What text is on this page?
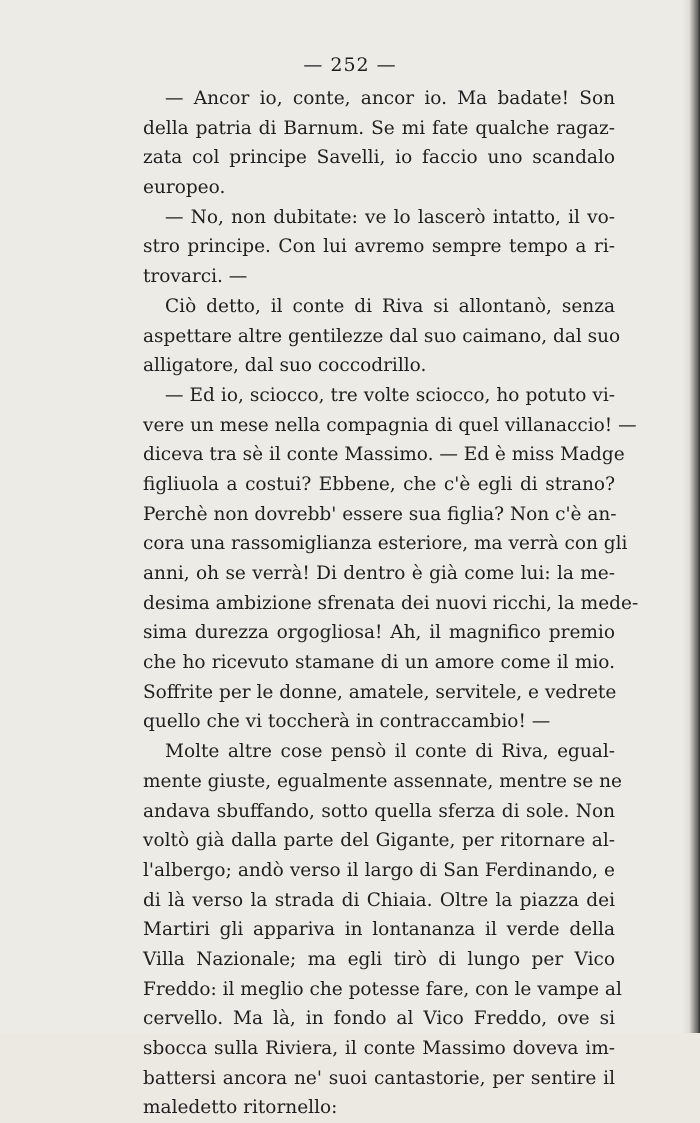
— 252 —
— Ancor io, conte, ancor io. Ma badate! Son
della patria di Barnum. Se mi fate qualche ragaz-
zata col principe Savelli, io faccio uno scandalo
europeo.
— No, non dubitate: ve lo lascerò intatto, il vo-
stro principe. Con lui avremo sempre tempo a ri-
trovarci. —
Ciò detto, il conte di Riva si allontanò, senza
aspettare altre gentilezze dal suo caimano, dal suo
alligatore, dal suo coccodrillo.
— Ed io, sciocco, tre volte sciocco, ho potuto vi-
vere un mese nella compagnia di quel villanaccio! —
diceva tra sè il conte Massimo. — Ed è miss Madge
figliuola a costui? Ebbene, che c'è egli di strano?
Perchè non dovrebb' essere sua figlia? Non c'è an-
cora una rassomiglianza esteriore, ma verrà con gli
anni, oh se verrà! Di dentro è già come lui: la me-
desima ambizione sfrenata dei nuovi ricchi, la mede-
sima durezza orgogliosa! Ah, il magnifico premio
che ho ricevuto stamane di un amore come il mio.
Soffrite per le donne, amatele, servitele, e vedrete
quello che vi toccherà in contraccambio! —
Molte altre cose pensò il conte di Riva, egual-
mente giuste, egualmente assennate, mentre se ne
andava sbuffando, sotto quella sferza di sole. Non
voltò già dalla parte del Gigante, per ritornare al-
l'albergo; andò verso il largo di San Ferdinando, e
di là verso la strada di Chiaia. Oltre la piazza dei
Martiri gli appariva in lontananza il verde della
Villa Nazionale; ma egli tirò di lungo per Vico
Freddo: il meglio che potesse fare, con le vampe al
cervello. Ma là, in fondo al Vico Freddo, ove si
sbocca sulla Riviera, il conte Massimo doveva im-
battersi ancora ne' suoi cantastorie, per sentire il
maledetto ritornello:
